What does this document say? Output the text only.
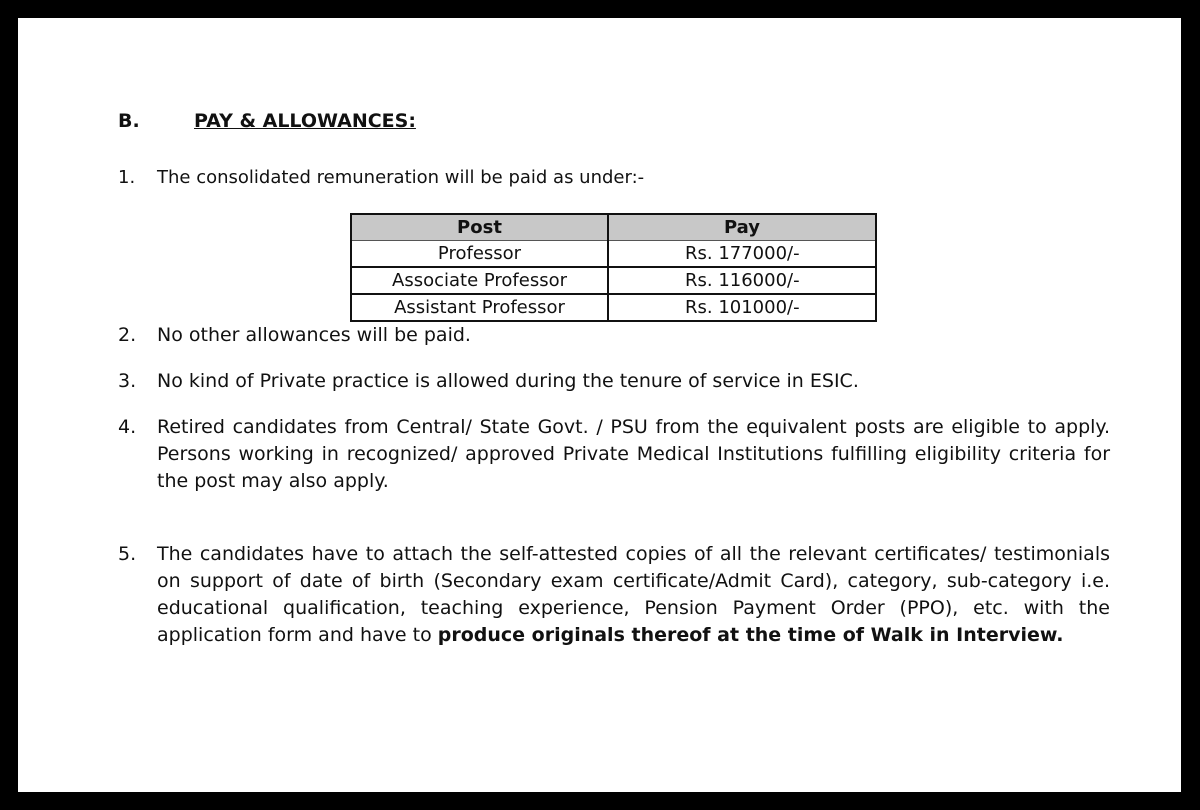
B.	PAY & ALLOWANCES:
1. The consolidated remuneration will be paid as under:-
Post	Pay
Professor	Rs. 177000/-
Associate Professor	Rs. 116000/-
Assistant Professor	Rs. 101000/-
2. No other allowances will be paid.
3. No kind of Private practice is allowed during the tenure of service in ESIC.
4. Retired candidates from Central/ State Govt. / PSU from the equivalent posts are eligible to apply. Persons working in recognized/ approved Private Medical Institutions fulfilling eligibility criteria for the post may also apply.
5. The candidates have to attach the self-attested copies of all the relevant certificates/ testimonials on support of date of birth (Secondary exam certificate/Admit Card), category, sub-category i.e. educational qualification, teaching experience, Pension Payment Order (PPO), etc. with the application form and have to produce originals thereof at the time of Walk in Interview.
